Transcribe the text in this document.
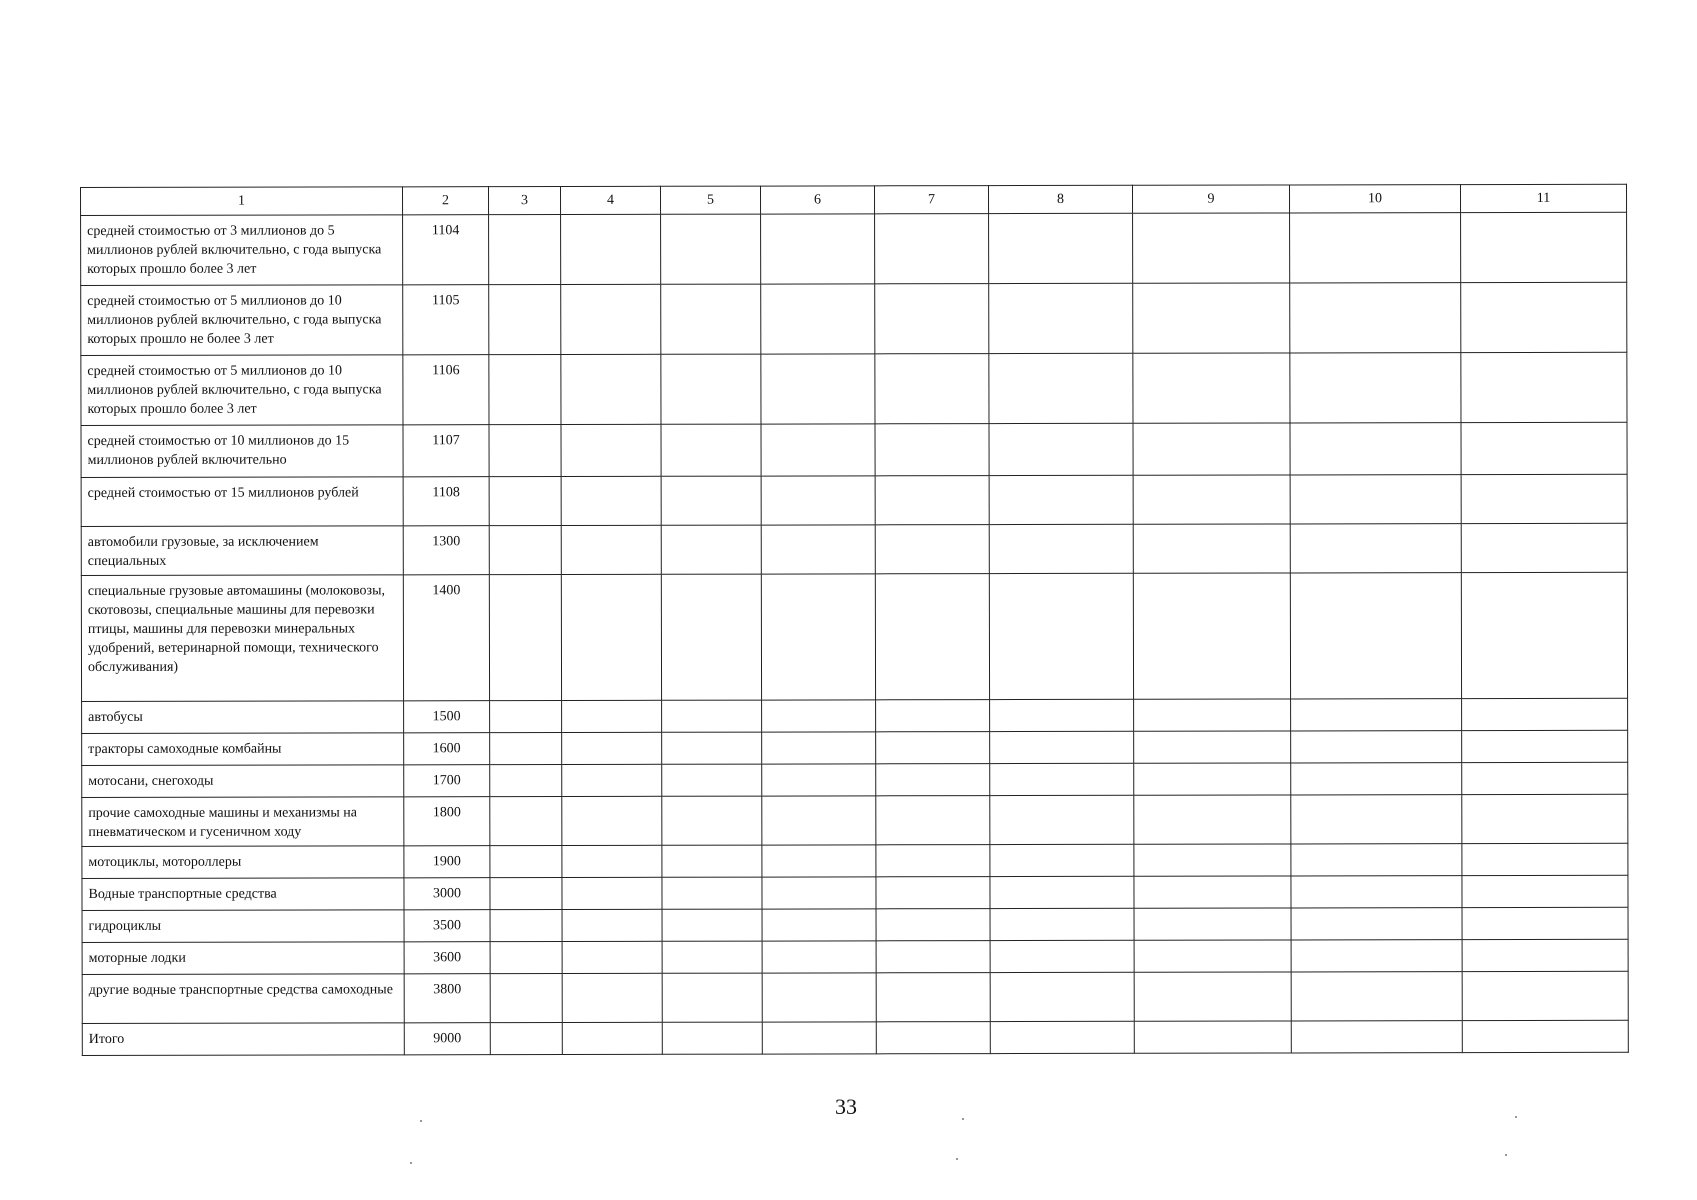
1	2	3	4	5	6	7	8	9	10	11
средней стоимостью от 3 миллионов до 5 миллионов рублей включительно, с года выпуска которых прошло более 3 лет	1104									
средней стоимостью от 5 миллионов до 10 миллионов рублей включительно, с года выпуска которых прошло не более 3 лет	1105									
средней стоимостью от 5 миллионов до 10 миллионов рублей включительно, с года выпуска которых прошло более 3 лет	1106									
средней стоимостью от 10 миллионов до 15 миллионов рублей включительно	1107									
средней стоимостью от 15 миллионов рублей	1108									
автомобили грузовые, за исключением специальных	1300									
специальные грузовые автомашины (молоковозы, скотовозы, специальные машины для перевозки птицы, машины для перевозки минеральных удобрений, ветеринарной помощи, технического обслуживания)	1400									
автобусы	1500									
тракторы самоходные комбайны	1600									
мотосани, снегоходы	1700									
прочие самоходные машины и механизмы на пневматическом и гусеничном ходу	1800									
мотоциклы, мотороллеры	1900									
Водные транспортные средства	3000									
гидроциклы	3500									
моторные лодки	3600									
другие водные транспортные средства самоходные	3800									
Итого	9000									
33
